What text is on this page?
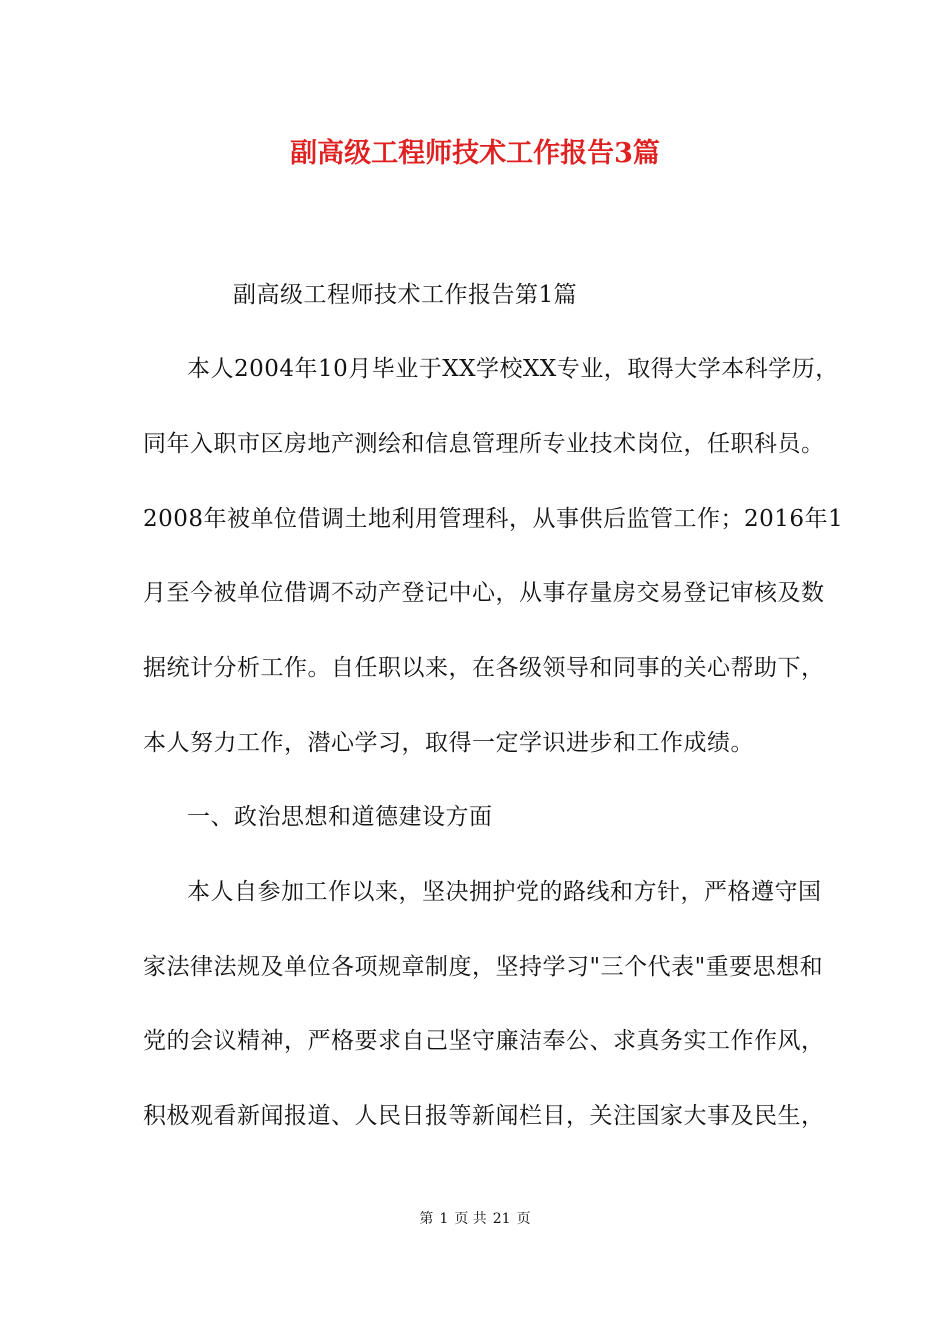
副高级工程师技术工作报告3篇
副高级工程师技术工作报告第1篇
本人2004年10月毕业于XX学校XX专业，取得大学本科学历，
同年入职市区房地产测绘和信息管理所专业技术岗位，任职科员。
2008年被单位借调土地利用管理科，从事供后监管工作；2016年1
月至今被单位借调不动产登记中心，从事存量房交易登记审核及数
据统计分析工作。自任职以来，在各级领导和同事的关心帮助下，
本人努力工作，潜心学习，取得一定学识进步和工作成绩。
一、政治思想和道德建设方面
本人自参加工作以来，坚决拥护党的路线和方针，严格遵守国
家法律法规及单位各项规章制度，坚持学习"三个代表"重要思想和
党的会议精神，严格要求自己坚守廉洁奉公、求真务实工作作风，
积极观看新闻报道、人民日报等新闻栏目，关注国家大事及民生，
第 1 页 共 21 页
